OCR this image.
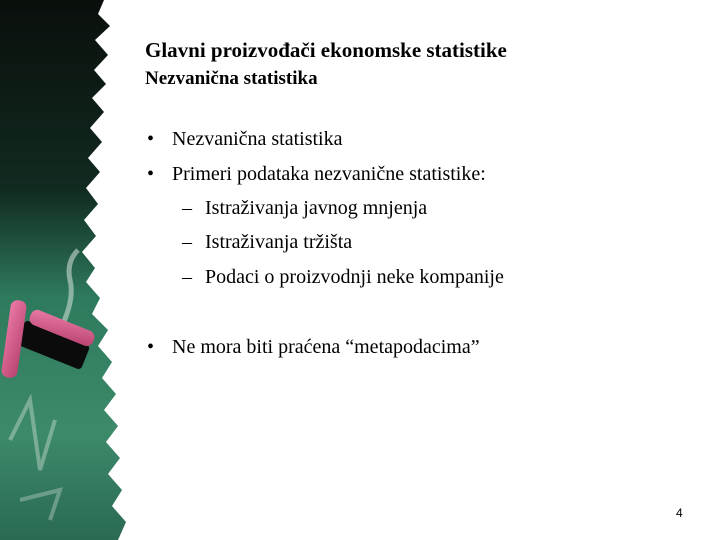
Glavni proizvođači ekonomske statistike
Nezvanična statistika
• Nezvanična statistika
• Primeri podataka nezvanične statistike:
– Istraživanja javnog mnjenja
– Istraživanja tržišta
– Podaci o proizvodnji neke kompanije
• Ne mora biti praćena “metapodacima”
4
